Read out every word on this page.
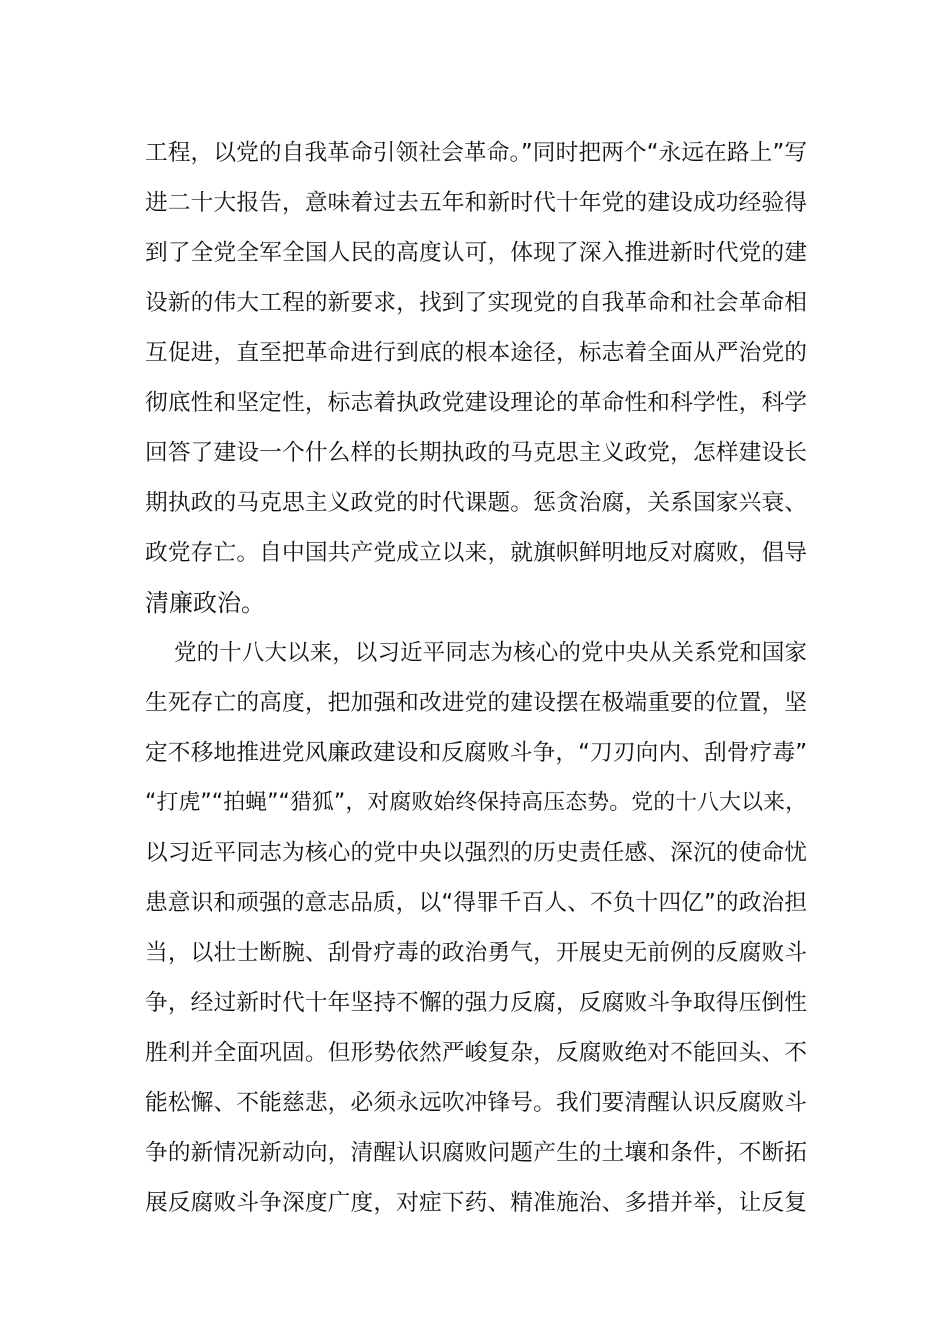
工程，以党的自我革命引领社会革命。”同时把两个“永远在路上”写
进二十大报告，意味着过去五年和新时代十年党的建设成功经验得
到了全党全军全国人民的高度认可，体现了深入推进新时代党的建
设新的伟大工程的新要求，找到了实现党的自我革命和社会革命相
互促进，直至把革命进行到底的根本途径，标志着全面从严治党的
彻底性和坚定性，标志着执政党建设理论的革命性和科学性，科学
回答了建设一个什么样的长期执政的马克思主义政党，怎样建设长
期执政的马克思主义政党的时代课题。惩贪治腐，关系国家兴衰、
政党存亡。自中国共产党成立以来，就旗帜鲜明地反对腐败，倡导
清廉政治。
党的十八大以来，以习近平同志为核心的党中央从关系党和国家
生死存亡的高度，把加强和改进党的建设摆在极端重要的位置，坚
定不移地推进党风廉政建设和反腐败斗争，“刀刃向内、刮骨疗毒”
“打虎”“拍蝇”“猎狐”，对腐败始终保持高压态势。党的十八大以来，
以习近平同志为核心的党中央以强烈的历史责任感、深沉的使命忧
患意识和顽强的意志品质，以“得罪千百人、不负十四亿”的政治担
当，以壮士断腕、刮骨疗毒的政治勇气，开展史无前例的反腐败斗
争，经过新时代十年坚持不懈的强力反腐，反腐败斗争取得压倒性
胜利并全面巩固。但形势依然严峻复杂，反腐败绝对不能回头、不
能松懈、不能慈悲，必须永远吹冲锋号。我们要清醒认识反腐败斗
争的新情况新动向，清醒认识腐败问题产生的土壤和条件，不断拓
展反腐败斗争深度广度，对症下药、精准施治、多措并举，让反复
